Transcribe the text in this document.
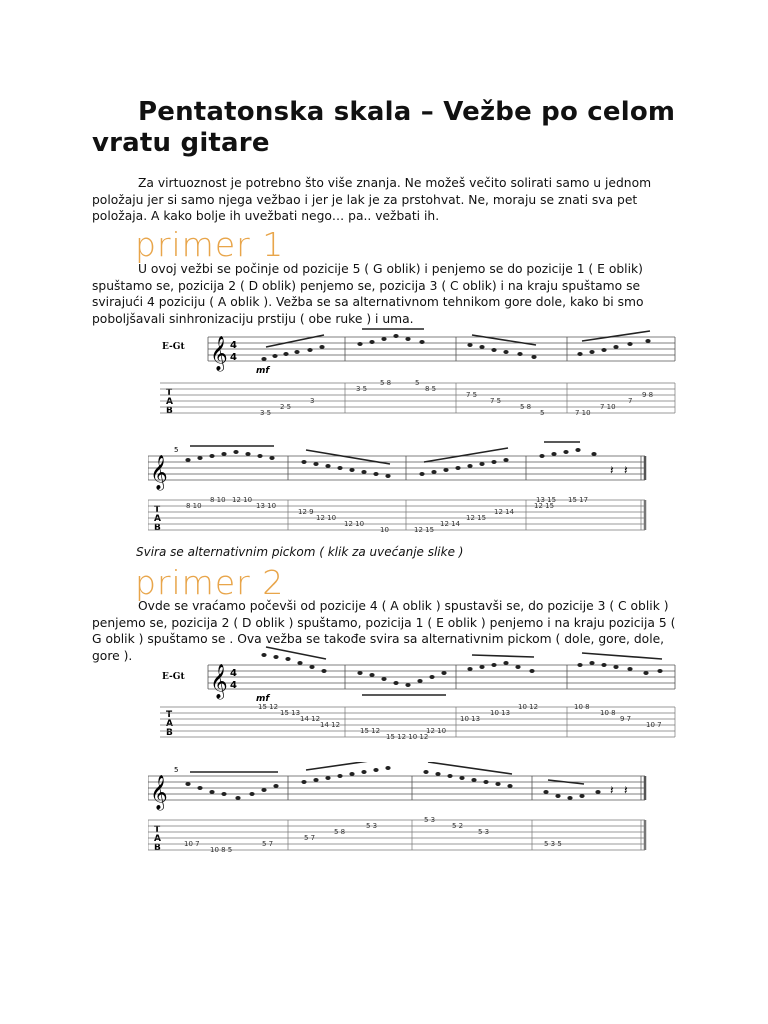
Pentatonska skala – Vežbe po celom vratu gitare

Za virtuoznost je potrebno što više znanja. Ne možeš večito solirati samo u jednom položaju jer si samo njega vežbao i jer je lak je za prstohvat. Ne, moraju se znati sva pet položaja. A kako bolje ih uvežbati nego… pa.. vežbati ih.

primer 1

U ovoj vežbi se počinje od pozicije 5 ( G oblik) i penjemo se do pozicije 1 ( E oblik) spuštamo se, pozicija 2 ( D oblik) penjemo se, pozicija 3 ( C oblik) i na kraju spuštamo se svirajući 4 poziciju ( A oblik ). Vežba se sa alternativnom tehnikom gore dole, kako bi smo poboljšavali sinhronizaciju prstiju ( obe ruke ) i uma.

E-Gt 𝄞 4
4
mf
T
A
B	3 5
2 5
3
3 5
5 8	5
8 5
7 5
7 5
5 8
5	7 10
7 10
7
9 8
𝄞
5
𝄽 𝄽
T
A
B
8 10
8 10 12 10
13 10
12 9
12 10
12 10
10	12 15
12 14
12 15
12 14
12 15
13 15 15 17
Svira se alternativnim pickom ( klik za uvećanje slike )
primer 2

Ovde se vraćamo počevši od pozicije 4 ( A oblik ) spustavši se, do pozicije 3 ( C oblik ) penjemo se, pozicija 2 ( D oblik ) spuštamo, pozicija 1 ( E oblik ) penjemo i na kraju pozicija 5 ( G oblik ) spuštamo se . Ova vežba se takođe svira sa alternativnim pickom ( dole, gore, dole, gore ).

E-Gt 𝄞 4
4
mf
T
A
B
15 12
15 13
14 12
14 12
15 12
15 12 10 12
12 10
10 13
10 13
10 12	10 8
10 8
9 7
10 7
𝄞
5
𝄽 𝄽
T
A
B	10 7
10 8 5
5 7
5 7
5 8
5 3
5 3
5 2
5 3
5 3 5
